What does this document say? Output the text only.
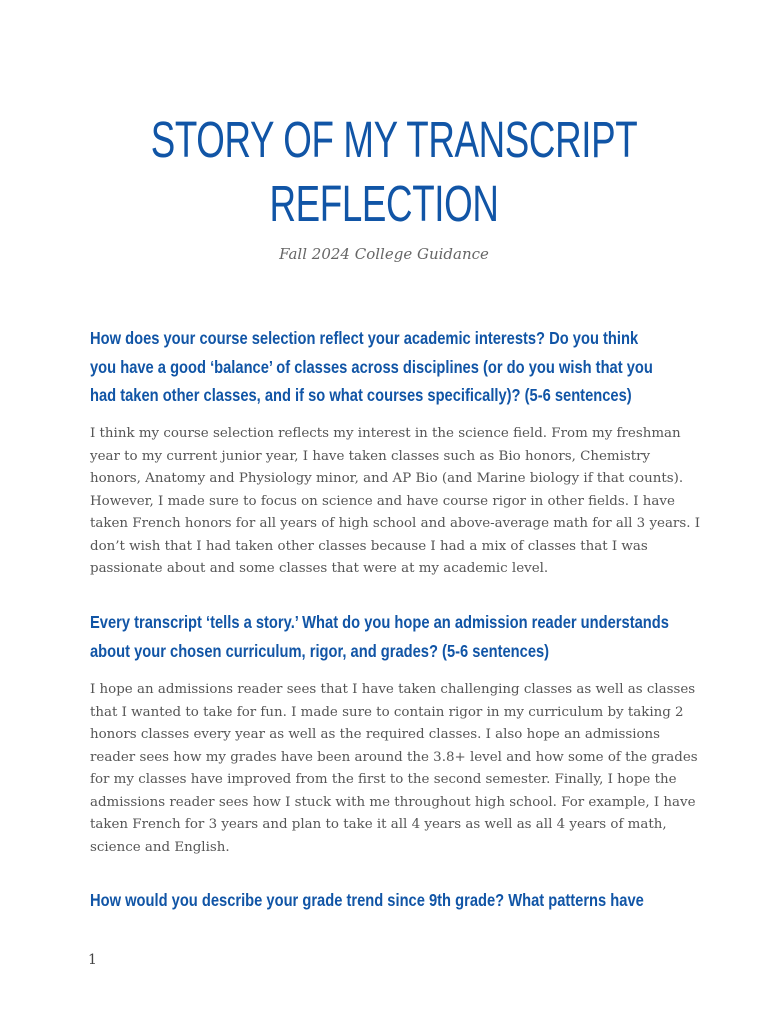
STORY OF MY TRANSCRIPT
REFLECTION
Fall 2024 College Guidance
How does your course selection reflect your academic interests? Do you think
you have a good ‘balance’ of classes across disciplines (or do you wish that you
had taken other classes, and if so what courses specifically)? (5-6 sentences)
I think my course selection reflects my interest in the science field. From my freshman
year to my current junior year, I have taken classes such as Bio honors, Chemistry
honors, Anatomy and Physiology minor, and AP Bio (and Marine biology if that counts).
However, I made sure to focus on science and have course rigor in other fields. I have
taken French honors for all years of high school and above-average math for all 3 years. I
don’t wish that I had taken other classes because I had a mix of classes that I was
passionate about and some classes that were at my academic level.
Every transcript ‘tells a story.’ What do you hope an admission reader understands
about your chosen curriculum, rigor, and grades? (5-6 sentences)
I hope an admissions reader sees that I have taken challenging classes as well as classes
that I wanted to take for fun. I made sure to contain rigor in my curriculum by taking 2
honors classes every year as well as the required classes. I also hope an admissions
reader sees how my grades have been around the 3.8+ level and how some of the grades
for my classes have improved from the first to the second semester. Finally, I hope the
admissions reader sees how I stuck with me throughout high school. For example, I have
taken French for 3 years and plan to take it all 4 years as well as all 4 years of math,
science and English.
How would you describe your grade trend since 9th grade? What patterns have
1
